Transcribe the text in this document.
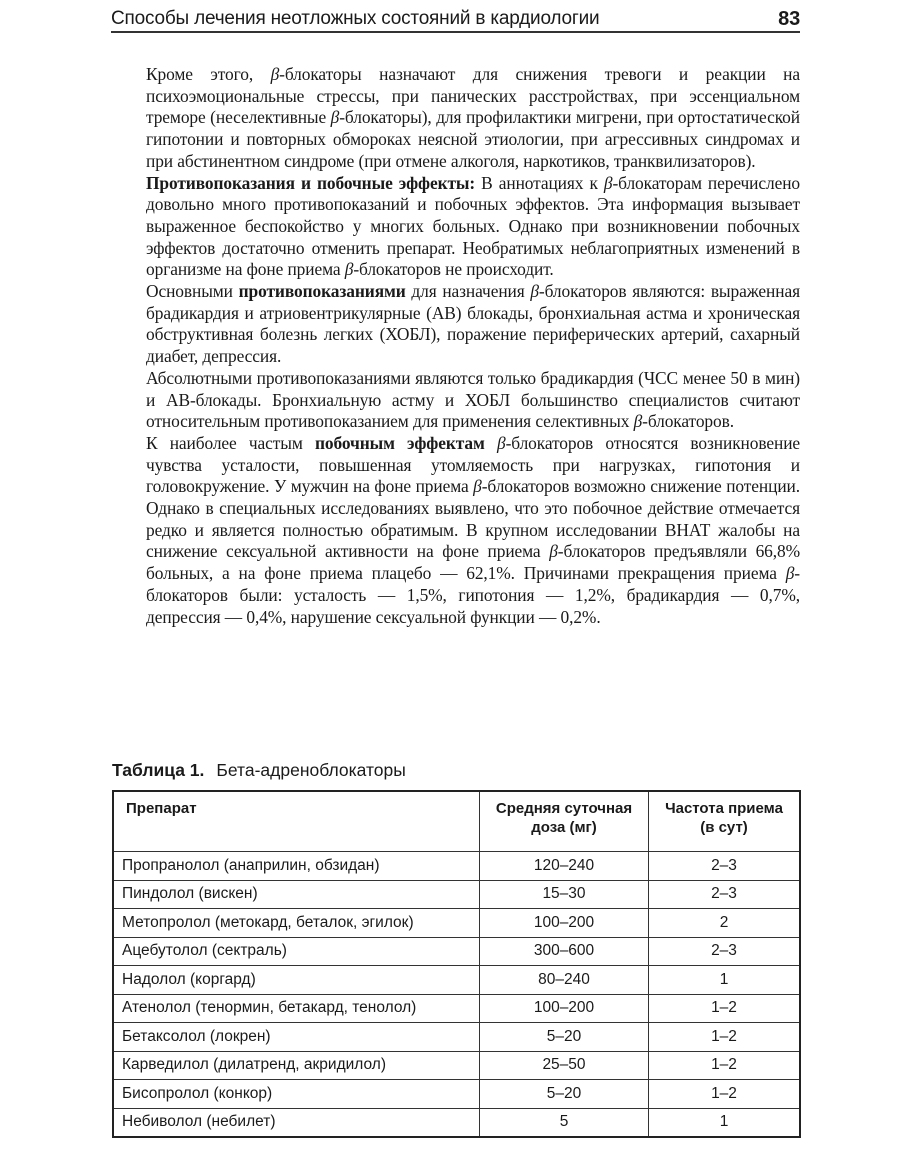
Способы лечения неотложных состояний в кардиологии	83

Кроме этого, β-блокаторы назначают для снижения тревоги и реакции на психоэмоциональные стрессы, при панических расстройствах, при эссенциальном треморе (неселективные β-блокаторы), для профилактики мигрени, при ортостатической гипотонии и повторных обмороках неясной этиологии, при агрессивных синдромах и при абстинентном синдроме (при отмене алкоголя, наркотиков, транквилизаторов).

Противопоказания и побочные эффекты: В аннотациях к β-блокаторам перечислено довольно много противопоказаний и побочных эффектов. Эта информация вызывает выраженное беспокойство у многих больных. Однако при возникновении побочных эффектов достаточно отменить препарат. Необратимых неблагоприятных изменений в организме на фоне приема β-блокаторов не происходит.

Основными противопоказаниями для назначения β-блокаторов являются: выраженная брадикардия и атриовентрикулярные (АВ) блокады, бронхиальная астма и хроническая обструктивная болезнь легких (ХОБЛ), поражение периферических артерий, сахарный диабет, депрессия.

Абсолютными противопоказаниями являются только брадикардия (ЧСС менее 50 в мин) и АВ-блокады. Бронхиальную астму и ХОБЛ большинство специалистов считают относительным противопоказанием для применения селективных β-блокаторов.

К наиболее частым побочным эффектам β-блокаторов относятся возникновение чувства усталости, повышенная утомляемость при нагрузках, гипотония и головокружение. У мужчин на фоне приема β-блокаторов возможно снижение потенции. Однако в специальных исследованиях выявлено, что это побочное действие отмечается редко и является полностью обратимым. В крупном исследовании ВНАТ жалобы на снижение сексуальной активности на фоне приема β-блокаторов предъявляли 66,8% больных, а на фоне приема плацебо — 62,1%. Причинами прекращения приема β-блокаторов были: усталость — 1,5%, гипотония — 1,2%, брадикардия — 0,7%, депрессия — 0,4%, нарушение сексуальной функции — 0,2%.

Таблица 1. Бета-адреноблокаторы
Препарат	Средняя суточная доза (мг)	Частота приема (в сут)
Пропранолол (анаприлин, обзидан)	120–240	2–3
Пиндолол (вискен)	15–30	2–3
Метопролол (метокард, беталок, эгилок)	100–200	2
Ацебутолол (сектраль)	300–600	2–3
Надолол (коргард)	80–240	1
Атенолол (тенормин, бетакард, тенолол)	100–200	1–2
Бетаксолол (локрен)	5–20	1–2
Карведилол (дилатренд, акридилол)	25–50	1–2
Бисопролол (конкор)	5–20	1–2
Небиволол (небилет)	5	1
